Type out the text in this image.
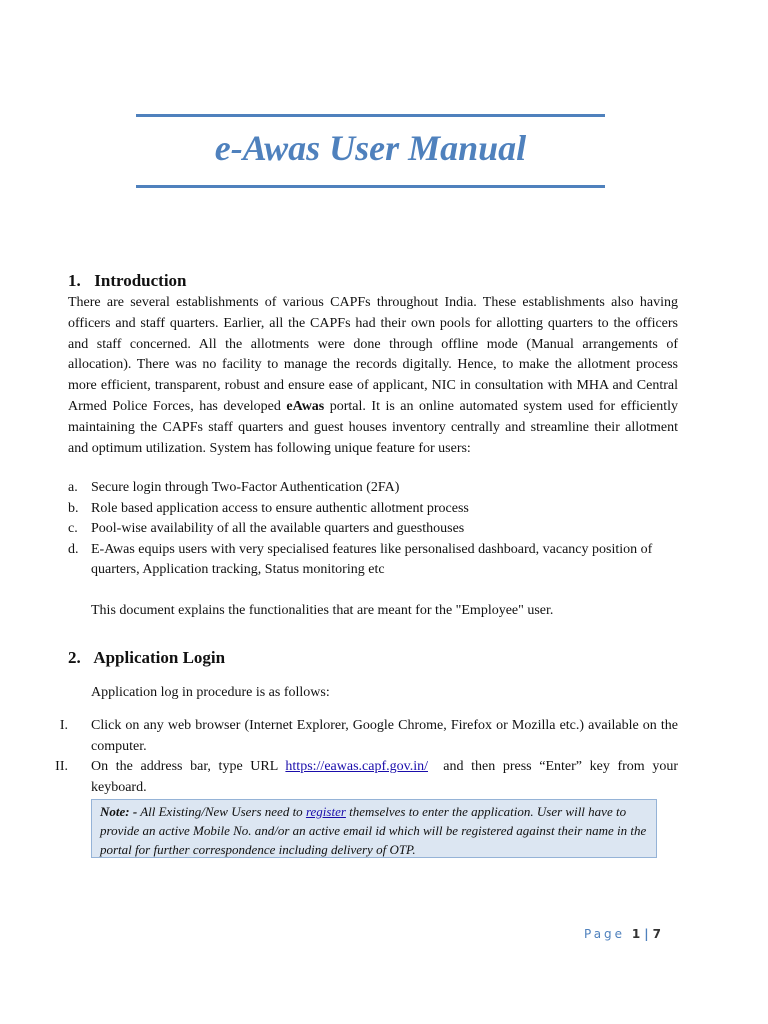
e-Awas User Manual
1. Introduction
There are several establishments of various CAPFs throughout India. These establishments also having officers and staff quarters. Earlier, all the CAPFs had their own pools for allotting quarters to the officers and staff concerned. All the allotments were done through offline mode (Manual arrangements of allocation). There was no facility to manage the records digitally. Hence, to make the allotment process more efficient, transparent, robust and ensure ease of applicant, NIC in consultation with MHA and Central Armed Police Forces, has developed eAwas portal. It is an online automated system used for efficiently maintaining the CAPFs staff quarters and guest houses inventory centrally and streamline their allotment and optimum utilization. System has following unique feature for users:
a. Secure login through Two-Factor Authentication (2FA)
b. Role based application access to ensure authentic allotment process
c. Pool-wise availability of all the available quarters and guesthouses
d. E-Awas equips users with very specialised features like personalised dashboard, vacancy position of quarters, Application tracking, Status monitoring etc
This document explains the functionalities that are meant for the "Employee" user.
2. Application Login
Application log in procedure is as follows:
I. Click on any web browser (Internet Explorer, Google Chrome, Firefox or Mozilla etc.) available on the computer.
II. On the address bar, type URL https://eawas.capf.gov.in/  and then press “Enter” key from your keyboard.
Note: - All Existing/New Users need to register themselves to enter the application. User will have to provide an active Mobile No. and/or an active email id which will be registered against their name in the portal for further correspondence including delivery of OTP.
Page 1 | 7
